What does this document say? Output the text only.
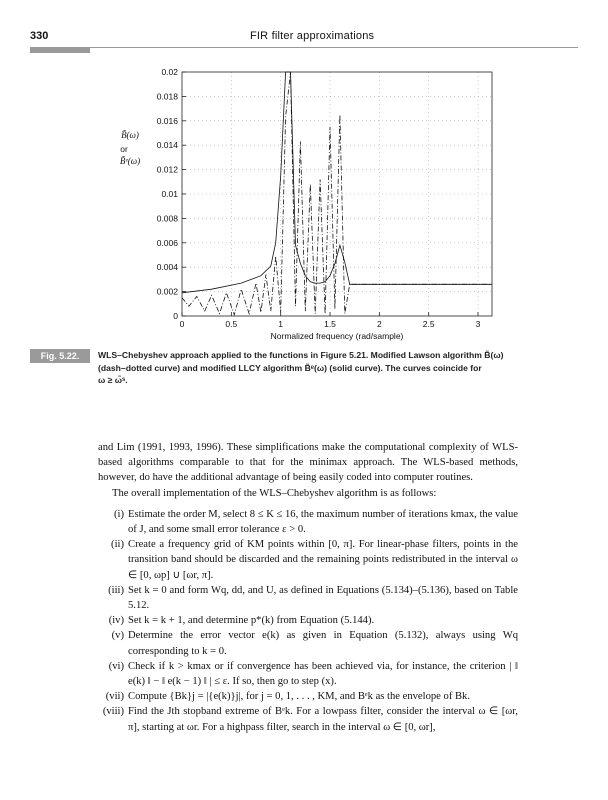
330	FIR filter approximations
0
0.002
0.004
0.006
0.008
0.01
0.012
0.014
0.016
0.018
0.02
0	0.5	1	1.5	2	2.5	3
Normalized frequency (rad/sample)
B̃(ω)
or
B̃ᵉ(ω)
Fig. 5.22.	WLS–Chebyshev approach applied to the functions in Figure 5.21. Modified Lawson algorithm B̃(ω)
(dash–dotted curve) and modified LLCY algorithm B̃ᵉ(ω) (solid curve). The curves coincide for
ω ≥ ω̃ˢ.

and Lim (1991, 1993, 1996). These simplifications make the computational complexity of WLS-based algorithms comparable to that for the minimax approach. The WLS-based methods, however, do have the additional advantage of being easily coded into computer routines.

The overall implementation of the WLS–Chebyshev algorithm is as follows:

(i) Estimate the order M, select 8 ≤ K ≤ 16, the maximum number of iterations kmax, the value of J, and some small error tolerance ε > 0.
(ii) Create a frequency grid of KM points within [0, π]. For linear-phase filters, points in the transition band should be discarded and the remaining points redistributed in the interval ω ∈ [0, ωp] ∪ [ωr, π].
(iii) Set k = 0 and form Wq, dd, and U, as defined in Equations (5.134)–(5.136), based on Table 5.12.
(iv) Set k = k + 1, and determine p*(k) from Equation (5.144).
(v) Determine the error vector e(k) as given in Equation (5.132), always using Wq corresponding to k = 0.
(vi) Check if k > kmax or if convergence has been achieved via, for instance, the criterion | ‖ e(k) ‖ − ‖ e(k − 1) ‖ | ≤ ε. If so, then go to step (x).
(vii) Compute {Bk}j = |{e(k)}j|, for j = 0, 1, . . . , KM, and Bᵉk as the envelope of Bk.
(viii) Find the Jth stopband extreme of Bᵉk. For a lowpass filter, consider the interval ω ∈ [ωr, π], starting at ωr. For a highpass filter, search in the interval ω ∈ [0, ωr],
